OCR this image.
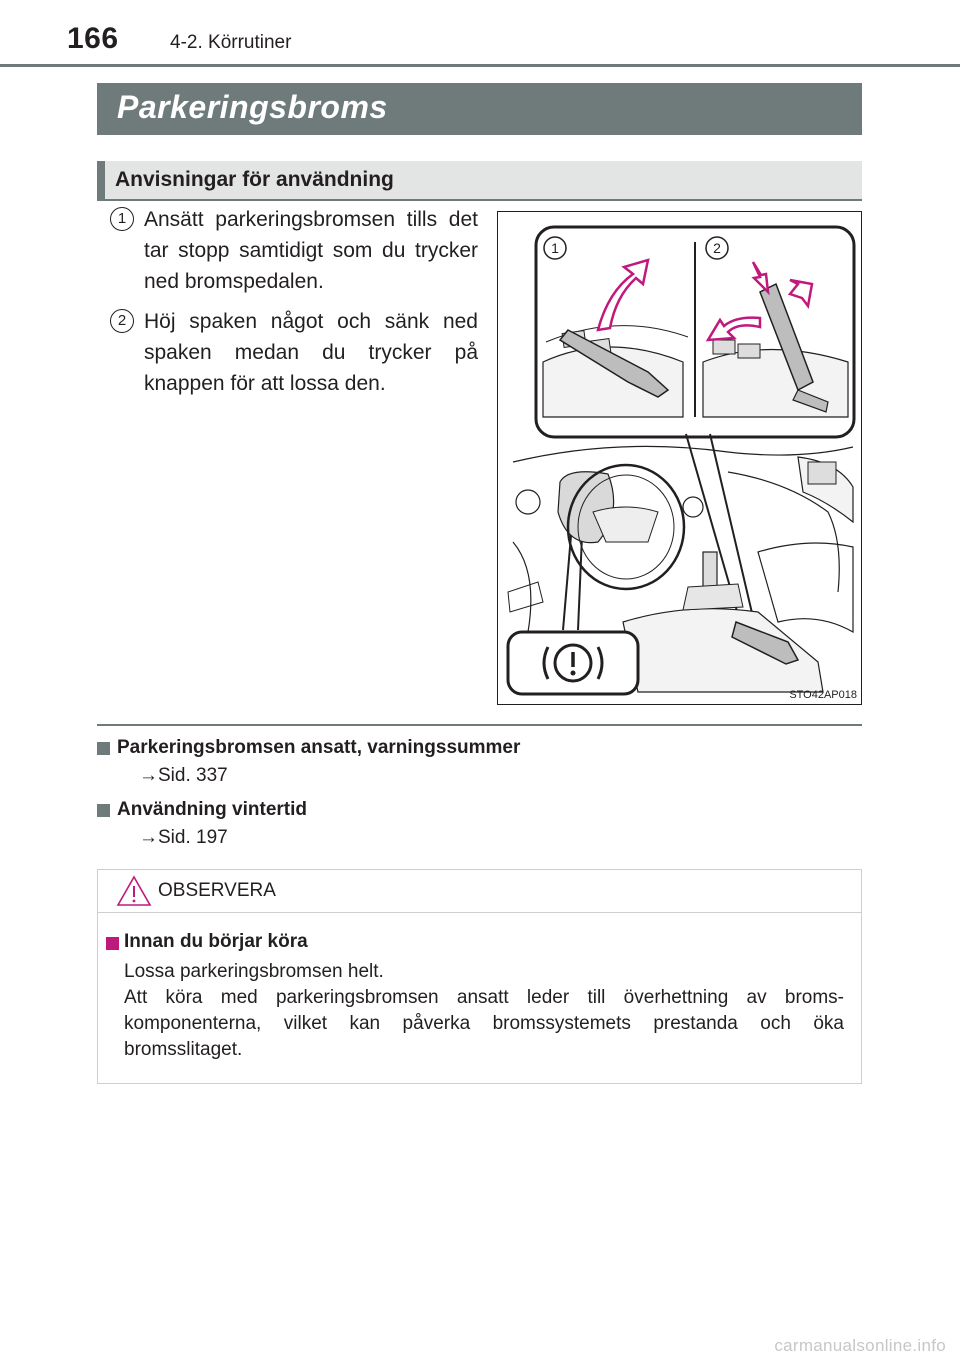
166	4-2. Körrutiner
Parkeringsbroms
Anvisningar för användning
1 Ansätt parkeringsbromsen tills det tar stopp samtidigt som du trycker ned bromspedalen.
2 Höj spaken något och sänk ned spaken medan du trycker på knappen för att lossa den.
1	2
STO42AP018
Parkeringsbromsen ansatt, varningssummer
→Sid. 337
Användning vintertid
→Sid. 197
OBSERVERA
Innan du börjar köra
Lossa parkeringsbromsen helt.
Att köra med parkeringsbromsen ansatt leder till överhettning av broms-komponenterna, vilket kan påverka bromssystemets prestanda och öka bromsslitaget.
carmanualsonline.info
